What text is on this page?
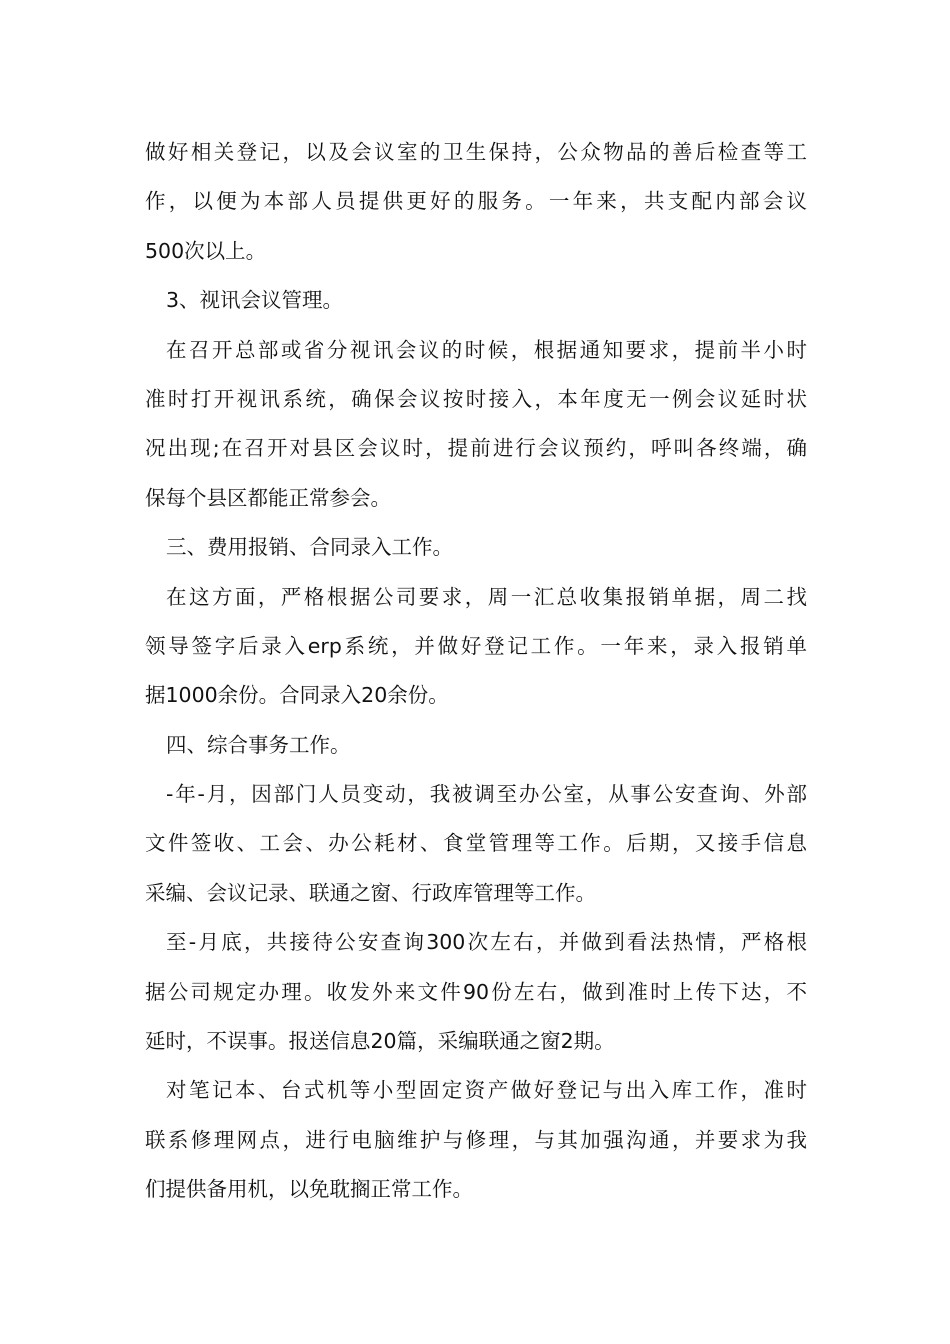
做好相关登记，以及会议室的卫生保持，公众物品的善后检查等工
作，以便为本部人员提供更好的服务。一年来，共支配内部会议
500次以上。
3、视讯会议管理。
在召开总部或省分视讯会议的时候，根据通知要求，提前半小时
准时打开视讯系统，确保会议按时接入，本年度无一例会议延时状
况出现;在召开对县区会议时，提前进行会议预约，呼叫各终端，确
保每个县区都能正常参会。
三、费用报销、合同录入工作。
在这方面，严格根据公司要求，周一汇总收集报销单据，周二找
领导签字后录入erp系统，并做好登记工作。一年来，录入报销单
据1000余份。合同录入20余份。
四、综合事务工作。
-年-月，因部门人员变动，我被调至办公室，从事公安查询、外部
文件签收、工会、办公耗材、食堂管理等工作。后期，又接手信息
采编、会议记录、联通之窗、行政库管理等工作。
至-月底，共接待公安查询300次左右，并做到看法热情，严格根
据公司规定办理。收发外来文件90份左右，做到准时上传下达，不
延时，不误事。报送信息20篇，采编联通之窗2期。
对笔记本、台式机等小型固定资产做好登记与出入库工作，准时
联系修理网点，进行电脑维护与修理，与其加强沟通，并要求为我
们提供备用机，以免耽搁正常工作。
